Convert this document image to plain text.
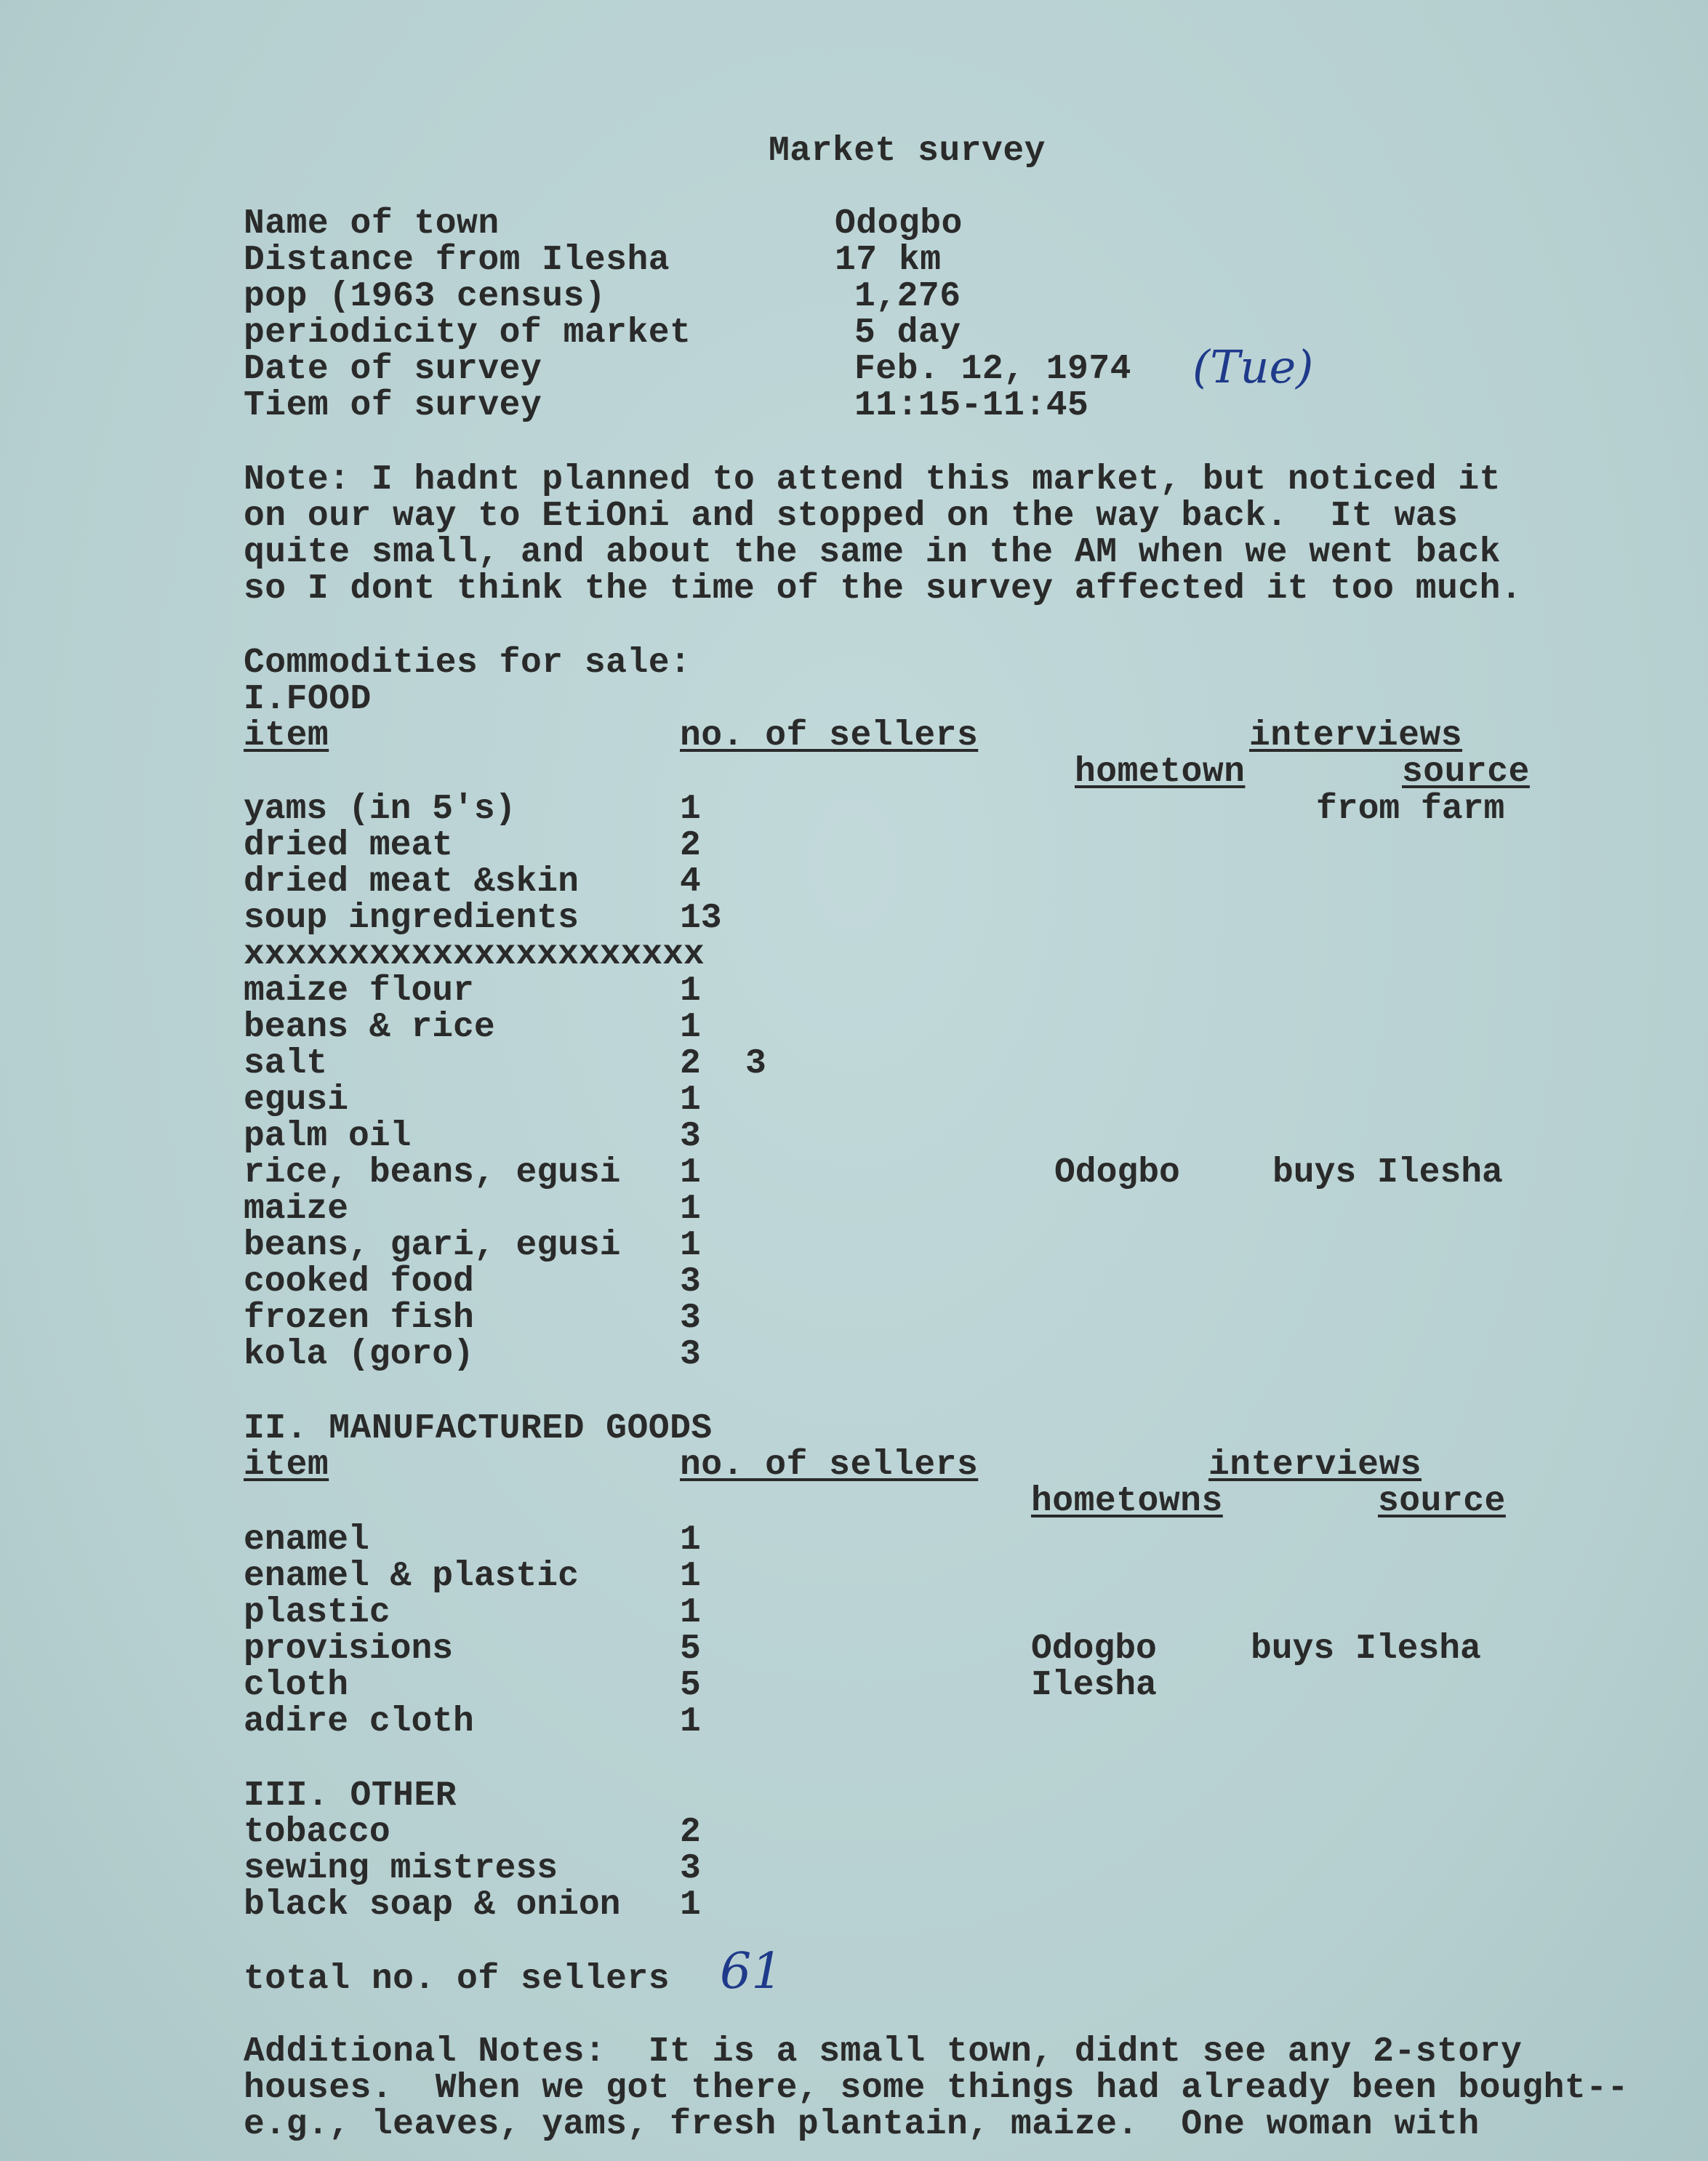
Market survey
Name of town	Odogbo
Distance from Ilesha	17 km
pop (1963 census)	1,276
periodicity of market	5 day
Date of survey	Feb. 12, 1974
Tiem of survey	11:15-11:45
(Tue)
Note: I hadnt planned to attend this market, but noticed it
on our way to EtiOni and stopped on the way back.  It was
quite small, and about the same in the AM when we went back
so I dont think the time of the survey affected it too much.
Commodities for sale:
I.FOOD
item	no. of sellers	interviews
hometown	source
yams (in 5's)	1	from farm
dried meat	2
dried meat &skin	4
soup ingredients	13
xxxxxxxxxxxxxxxxxxxxxx
maize flour	1
beans & rice	1
salt	2 3
egusi	1
palm oil	3
rice, beans, egusi 1	Odogbo	buys Ilesha
maize	1
beans, gari, egusi 1
cooked food	3
frozen fish	3
kola (goro)	3
II. MANUFACTURED GOODS
item	no. of sellers	interviews
hometowns	source
enamel	1
enamel & plastic	1
plastic	1
provisions	5	Odogbo	buys Ilesha
cloth	5	Ilesha
adire cloth	1
III. OTHER
tobacco	2
sewing mistress	3
black soap & onion 1
total no. of sellers 61
Additional Notes:  It is a small town, didnt see any 2-story
houses.  When we got there, some things had already been bought--
e.g., leaves, yams, fresh plantain, maize.  One woman with
